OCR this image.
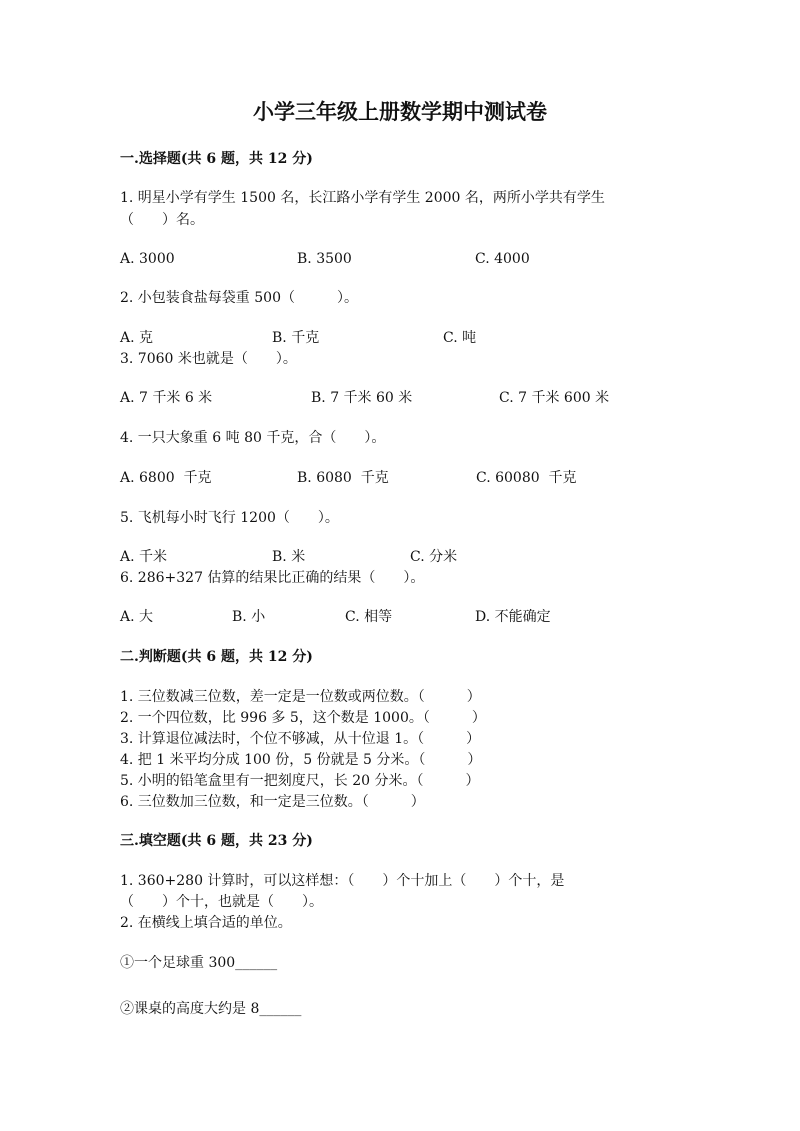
小学三年级上册数学期中测试卷
一.选择题(共 6 题，共 12 分)
1. 明星小学有学生 1500 名，长江路小学有学生 2000 名，两所小学共有学生
（　　）名。
A. 3000	B. 3500	C. 4000
2. 小包装食盐每袋重 500（　　　）。
A. 克	B. 千克	C. 吨
3. 7060 米也就是（　　）。
A. 7 千米 6 米	B. 7 千米 60 米	C. 7 千米 600 米
4. 一只大象重 6 吨 80 千克，合（　　）。
A. 6800  千克	B. 6080  千克	C. 60080  千克
5. 飞机每小时飞行 1200（　　）。
A. 千米	B. 米	C. 分米
6. 286+327 估算的结果比正确的结果（　　）。
A. 大	B. 小	C. 相等	D. 不能确定
二.判断题(共 6 题，共 12 分)
1. 三位数减三位数，差一定是一位数或两位数。（　　　）
2. 一个四位数，比 996 多 5，这个数是 1000。（　　　）
3. 计算退位减法时，个位不够减，从十位退 1。（　　　）
4. 把 1 米平均分成 100 份，5 份就是 5 分米。（　　　）
5. 小明的铅笔盒里有一把刻度尺，长 20 分米。（　　　）
6. 三位数加三位数，和一定是三位数。（　　　）
三.填空题(共 6 题，共 23 分)
1. 360+280 计算时，可以这样想：（　　）个十加上（　　）个十，是
（　　）个十，也就是（　　）。
2. 在横线上填合适的单位。
①一个足球重 300______
②课桌的高度大约是 8______
